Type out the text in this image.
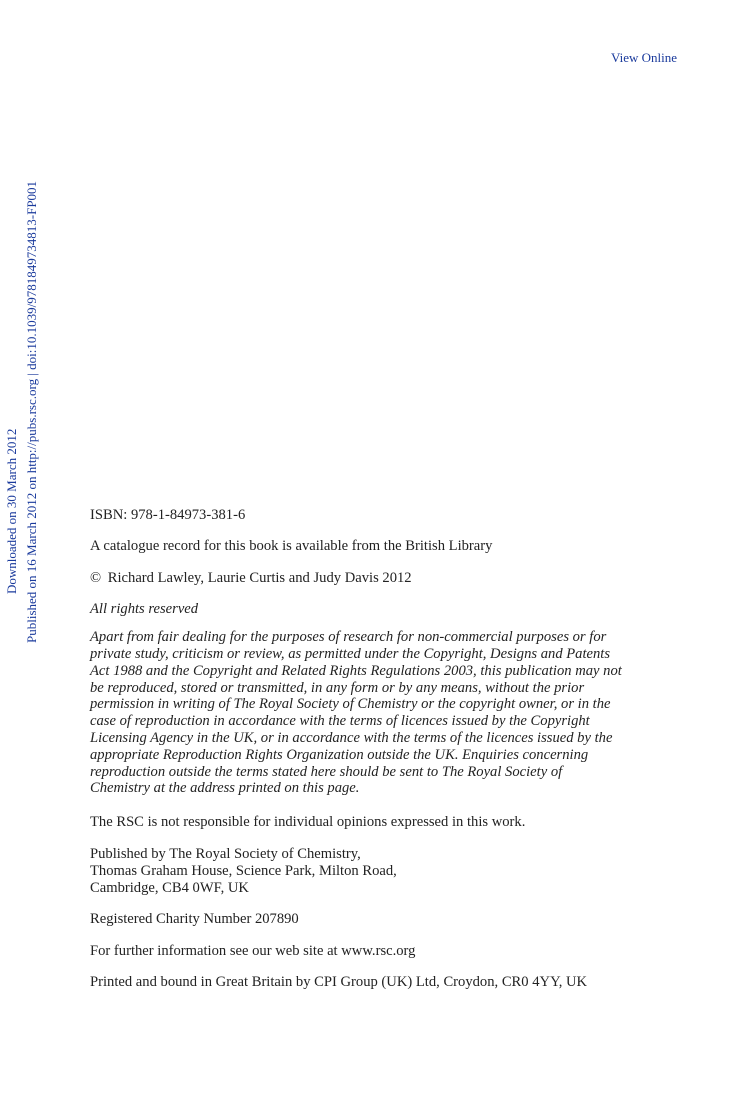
View Online
Downloaded on 30 March 2012 Published on 16 March 2012 on http://pubs.rsc.org | doi:10.1039/9781849734813-FP001	ISBN: 978-1-84973-381-6

A catalogue record for this book is available from the British Library

© Richard Lawley, Laurie Curtis and Judy Davis 2012

All rights reserved

Apart from fair dealing for the purposes of research for non-commercial purposes or for
private study, criticism or review, as permitted under the Copyright, Designs and Patents
Act 1988 and the Copyright and Related Rights Regulations 2003, this publication may not
be reproduced, stored or transmitted, in any form or by any means, without the prior
permission in writing of The Royal Society of Chemistry or the copyright owner, or in the
case of reproduction in accordance with the terms of licences issued by the Copyright
Licensing Agency in the UK, or in accordance with the terms of the licences issued by the
appropriate Reproduction Rights Organization outside the UK. Enquiries concerning
reproduction outside the terms stated here should be sent to The Royal Society of
Chemistry at the address printed on this page.

The RSC is not responsible for individual opinions expressed in this work.

Published by The Royal Society of Chemistry,
Thomas Graham House, Science Park, Milton Road,
Cambridge, CB4 0WF, UK

Registered Charity Number 207890

For further information see our web site at www.rsc.org

Printed and bound in Great Britain by CPI Group (UK) Ltd, Croydon, CR0 4YY, UK
